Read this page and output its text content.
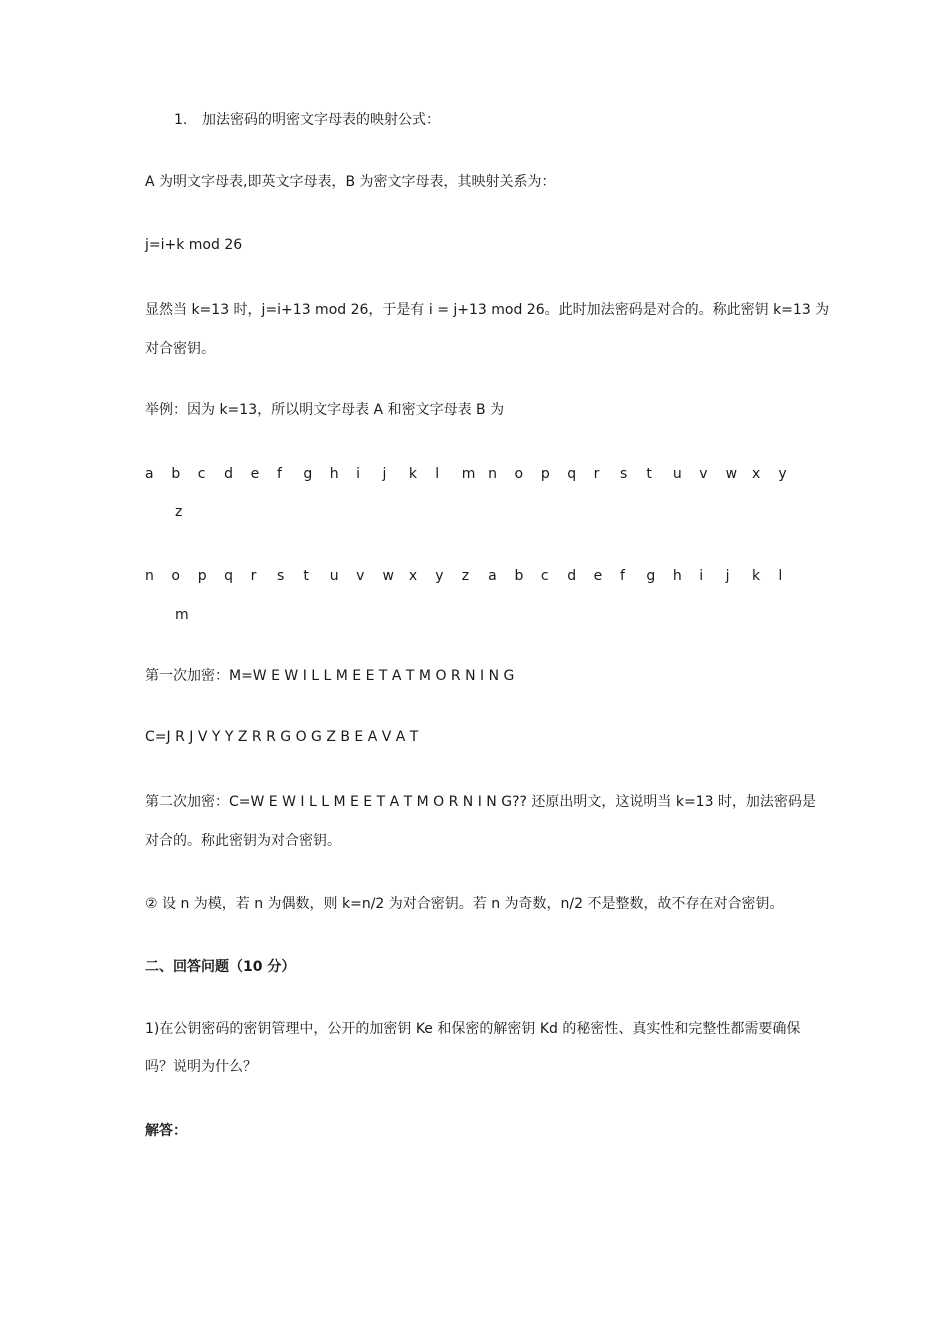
1. 加法密码的明密文字母表的映射公式：
A 为明文字母表,即英文字母表，B 为密文字母表，其映射关系为：
j=i+k mod 26
显然当 k=13 时，j=i+13 mod 26，于是有 i = j+13 mod 26。此时加法密码是对合的。称此密钥 k=13 为
对合密钥。
举例：因为 k=13，所以明文字母表 A 和密文字母表 B 为
a b c d e f g h i j k l m n o p q r s t u v w x y
z
n o p q r s t u v w x y z a b c d e f g h i j k l
m
第一次加密：M=W E W I L L M E E T A T M O R N I N G
C=J R J V Y Y Z R R G O G Z B E A V A T
第二次加密：C=W E W I L L M E E T A T M O R N I N G?? 还原出明文，这说明当 k=13 时，加法密码是
对合的。称此密钥为对合密钥。
② 设 n 为模，若 n 为偶数，则 k=n/2 为对合密钥。若 n 为奇数，n/2 不是整数，故不存在对合密钥。
二、回答问题（10 分）
1)在公钥密码的密钥管理中，公开的加密钥 Ke 和保密的解密钥 Kd 的秘密性、真实性和完整性都需要确保
吗？说明为什么？
解答：
